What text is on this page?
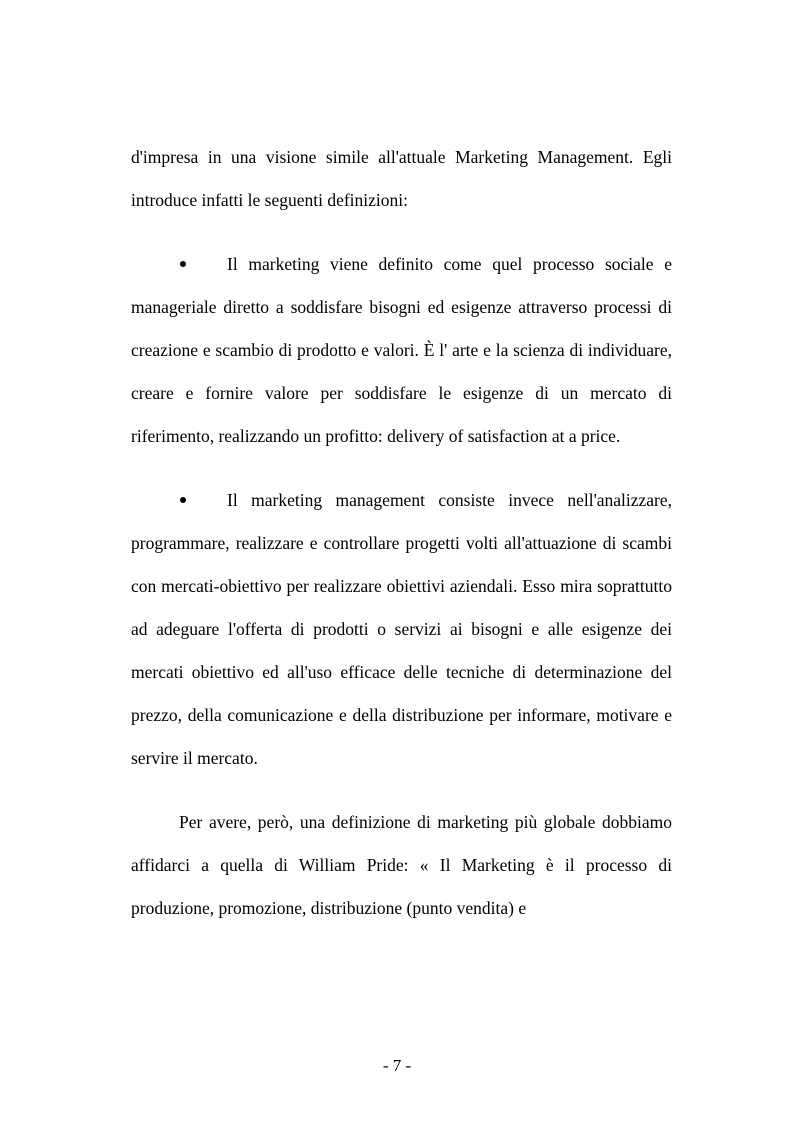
d'impresa in una visione simile all'attuale Marketing Management. Egli introduce infatti le seguenti definizioni:

Il marketing viene definito come quel processo sociale e manageriale diretto a soddisfare bisogni ed esigenze attraverso processi di creazione e scambio di prodotto e valori. È l' arte e la scienza di individuare, creare e fornire valore per soddisfare le esigenze di un mercato di riferimento, realizzando un profitto: delivery of satisfaction at a price.

Il marketing management consiste invece nell'analizzare, programmare, realizzare e controllare progetti volti all'attuazione di scambi con mercati-obiettivo per realizzare obiettivi aziendali. Esso mira soprattutto ad adeguare l'offerta di prodotti o servizi ai bisogni e alle esigenze dei mercati obiettivo ed all'uso efficace delle tecniche di determinazione del prezzo, della comunicazione e della distribuzione per informare, motivare e servire il mercato.

Per avere, però, una definizione di marketing più globale dobbiamo affidarci a quella di William Pride: « Il Marketing è il processo di produzione, promozione, distribuzione (punto vendita) e

- 7 -
